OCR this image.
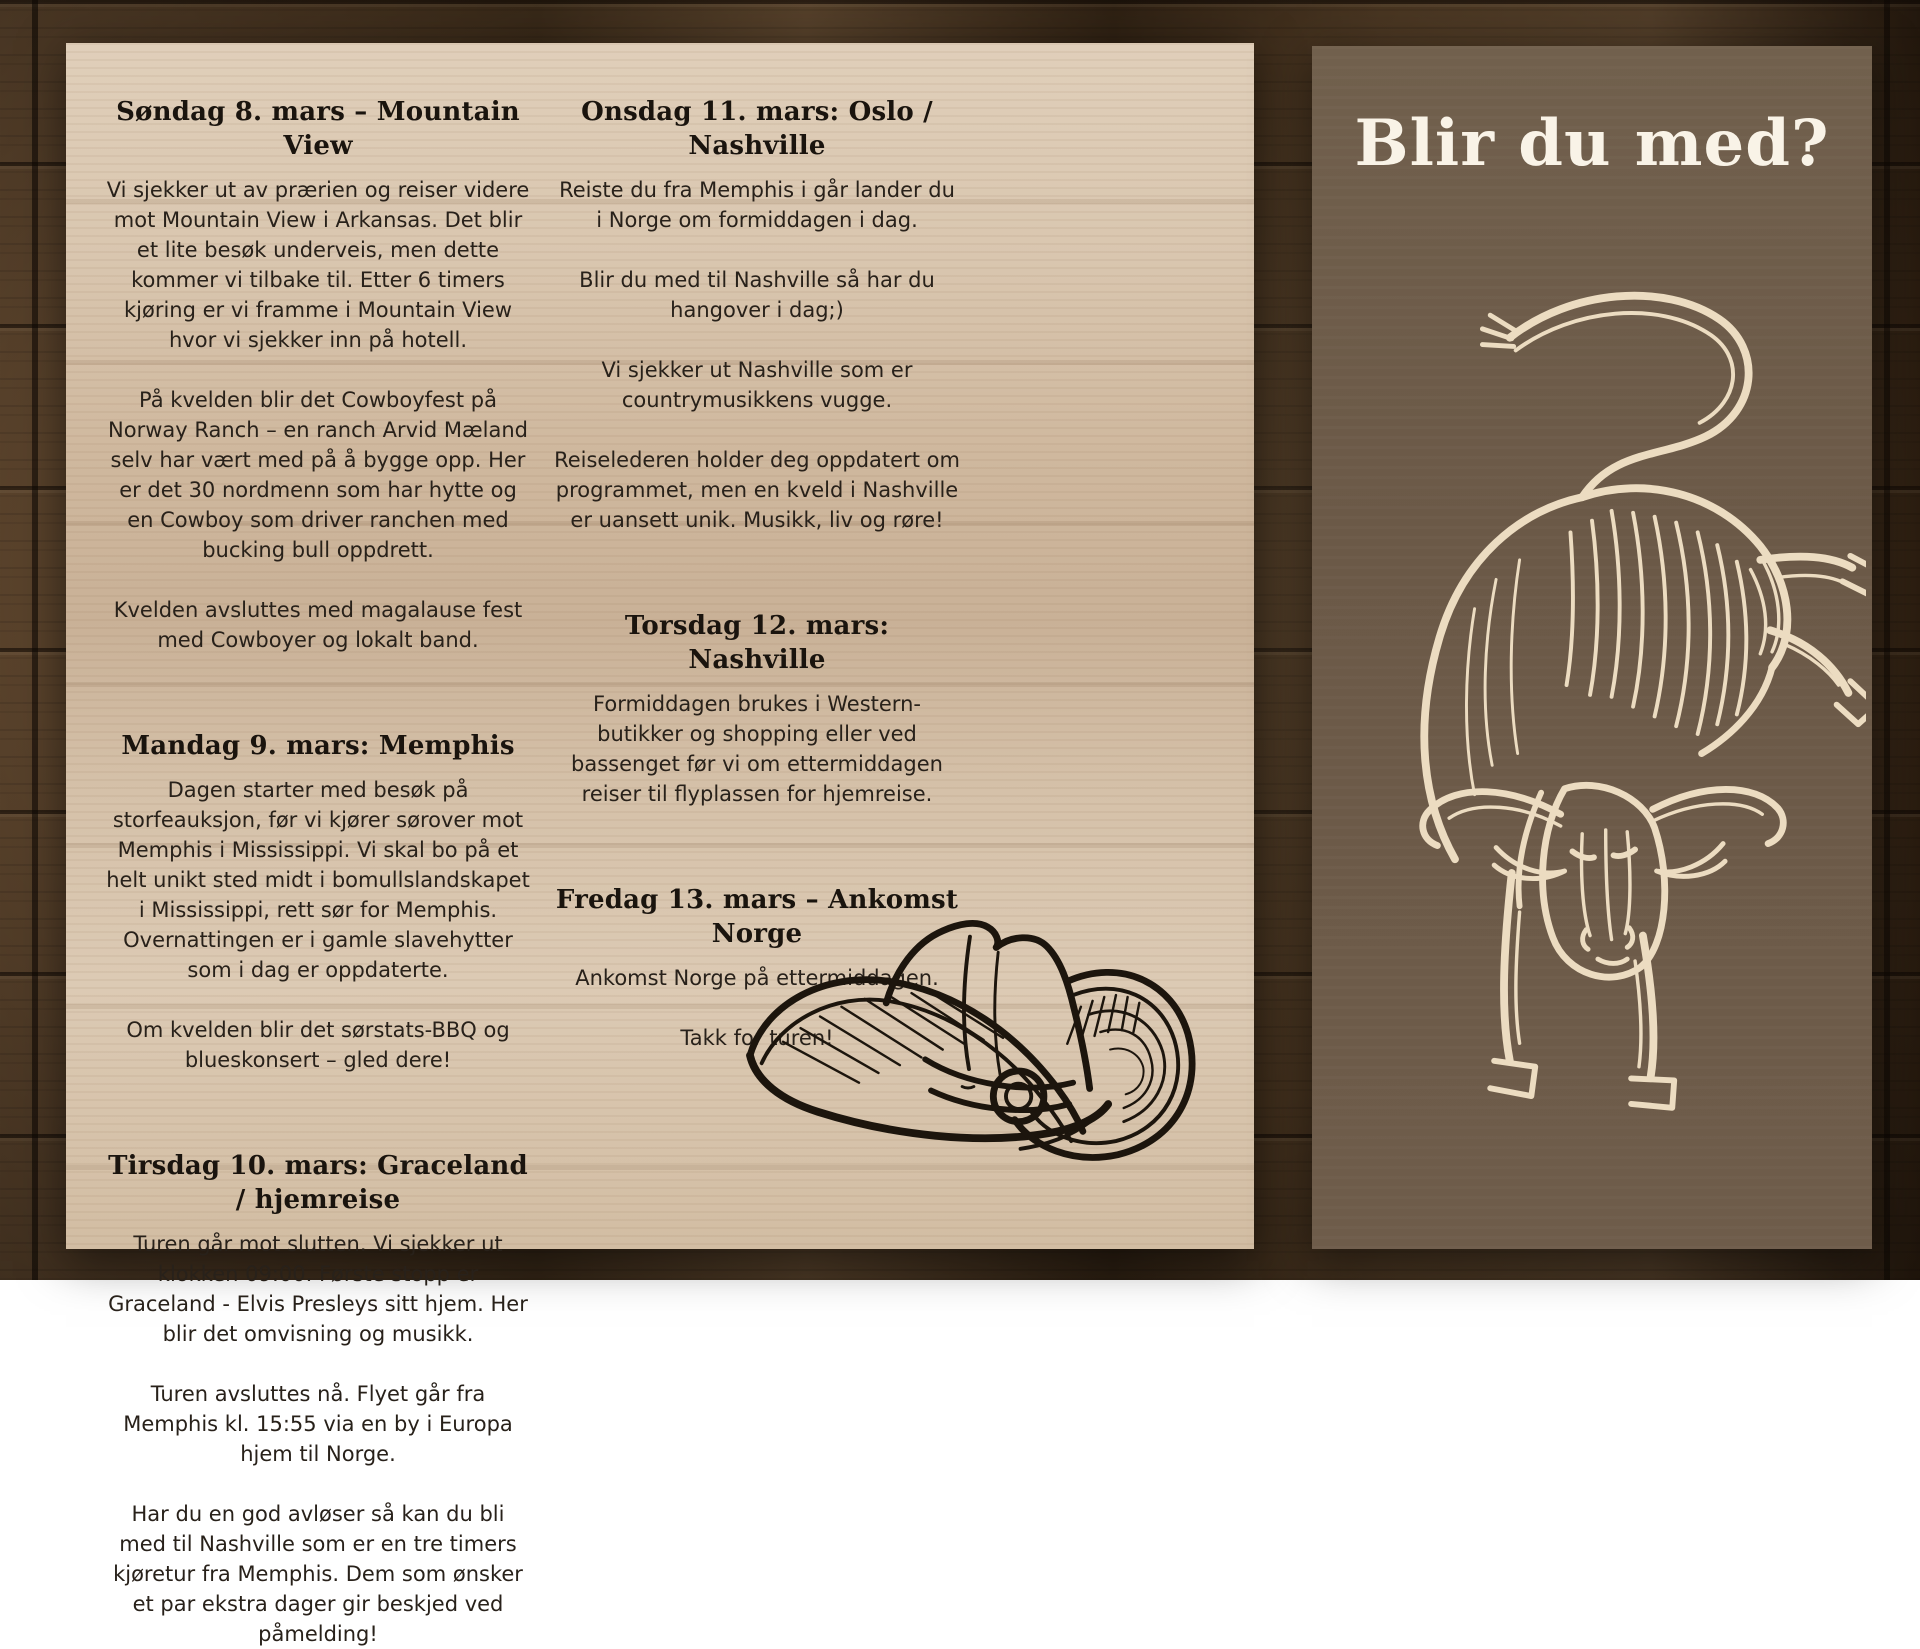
Søndag 8. mars – Mountain View

Vi sjekker ut av prærien og reiser videre mot Mountain View i Arkansas. Det blir et lite besøk underveis, men dette kommer vi tilbake til. Etter 6 timers kjøring er vi framme i Mountain View hvor vi sjekker inn på hotell.

På kvelden blir det Cowboyfest på Norway Ranch – en ranch Arvid Mæland selv har vært med på å bygge opp. Her er det 30 nordmenn som har hytte og en Cowboy som driver ranchen med bucking bull oppdrett.

Kvelden avsluttes med magalause fest med Cowboyer og lokalt band.

Mandag 9. mars: Memphis

Dagen starter med besøk på storfeauksjon, før vi kjører sørover mot Memphis i Mississippi. Vi skal bo på et helt unikt sted midt i bomullslandskapet i Mississippi, rett sør for Memphis. Overnattingen er i gamle slavehytter som i dag er oppdaterte.

Om kvelden blir det sørstats-BBQ og blueskonsert – gled dere!

Tirsdag 10. mars: Graceland / hjemreise

Turen går mot slutten. Vi sjekker ut klokken 09:00. Første stopp er Graceland - Elvis Presleys sitt hjem. Her blir det omvisning og musikk.

Turen avsluttes nå. Flyet går fra Memphis kl. 15:55 via en by i Europa hjem til Norge.

Har du en god avløser så kan du bli med til Nashville som er en tre timers kjøretur fra Memphis. Dem som ønsker et par ekstra dager gir beskjed ved påmelding!

Onsdag 11. mars: Oslo / Nashville

Reiste du fra Memphis i går lander du i Norge om formiddagen i dag.

Blir du med til Nashville så har du hangover i dag;)

Vi sjekker ut Nashville som er countrymusikkens vugge.

Reiselederen holder deg oppdatert om programmet, men en kveld i Nashville er uansett unik. Musikk, liv og røre!

Torsdag 12. mars: Nashville

Formiddagen brukes i Western-butikker og shopping eller ved bassenget før vi om ettermiddagen reiser til flyplassen for hjemreise.

Fredag 13. mars – Ankomst Norge

Ankomst Norge på ettermiddagen.

Takk for turen!

Blir du med?
